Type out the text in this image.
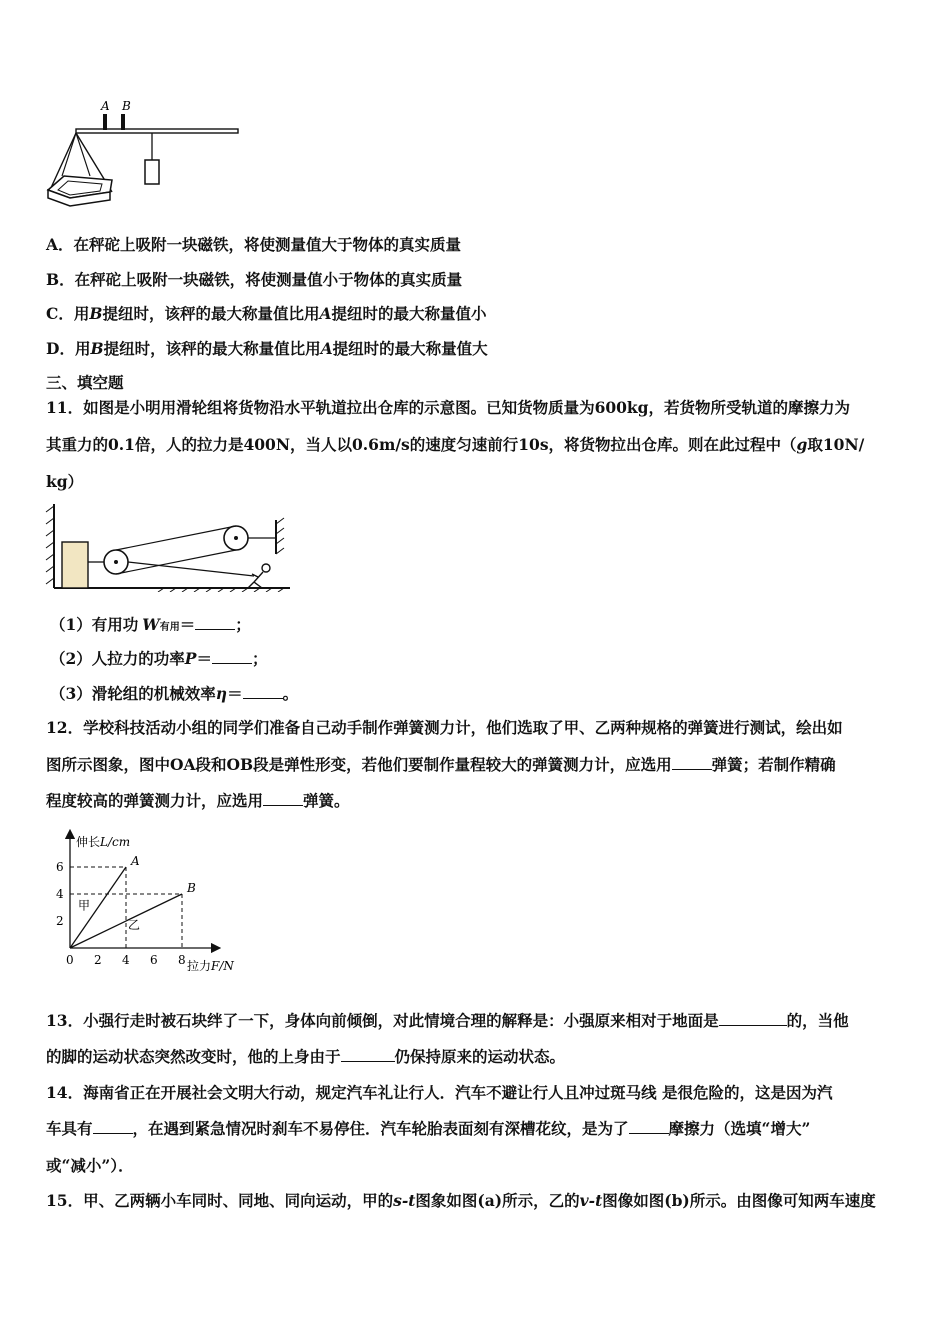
A B
A．在秤砣上吸附一块磁铁，将使测量值大于物体的真实质量
B．在秤砣上吸附一块磁铁，将使测量值小于物体的真实质量
C．用B提纽时，该秤的最大称量值比用A提纽时的最大称量值小
D．用B提纽时，该秤的最大称量值比用A提纽时的最大称量值大
三、填空题
11．如图是小明用滑轮组将货物沿水平轨道拉出仓库的示意图。已知货物质量为600kg，若货物所受轨道的摩擦力为
其重力的0.1倍，人的拉力是400N，当人以0.6m/s的速度匀速前行10s，将货物拉出仓库。则在此过程中（g取10N/
kg）
（1）有用功 W有用＝	；
（2）人拉力的功率P＝	；
（3）滑轮组的机械效率η＝	。
12．学校科技活动小组的同学们准备自己动手制作弹簧测力计，他们选取了甲、乙两种规格的弹簧进行测试，绘出如
图所示图象，图中OA段和OB段是弹性形变，若他们要制作量程较大的弹簧测力计，应选用	弹簧；若制作精确
程度较高的弹簧测力计，应选用	弹簧。
伸长L/cm
拉力F/N
0 2 4 6 8
2
4
6	A
甲
B
乙
13．小强行走时被石块绊了一下，身体向前倾倒，对此情境合理的解释是：小强原来相对于地面是	的，当他
的脚的运动状态突然改变时，他的上身由于	仍保持原来的运动状态。
14．海南省正在开展社会文明大行动，规定汽车礼让行人．汽车不避让行人且冲过斑马线 是很危险的，这是因为汽
车具有	，在遇到紧急情况时刹车不易停住．汽车轮胎表面刻有深槽花纹，是为了	摩擦力（选填“增大”
或“减小”）．
15．甲、乙两辆小车同时、同地、同向运动，甲的s-t图象如图(a)所示，乙的v-t图像如图(b)所示。由图像可知两车速度
